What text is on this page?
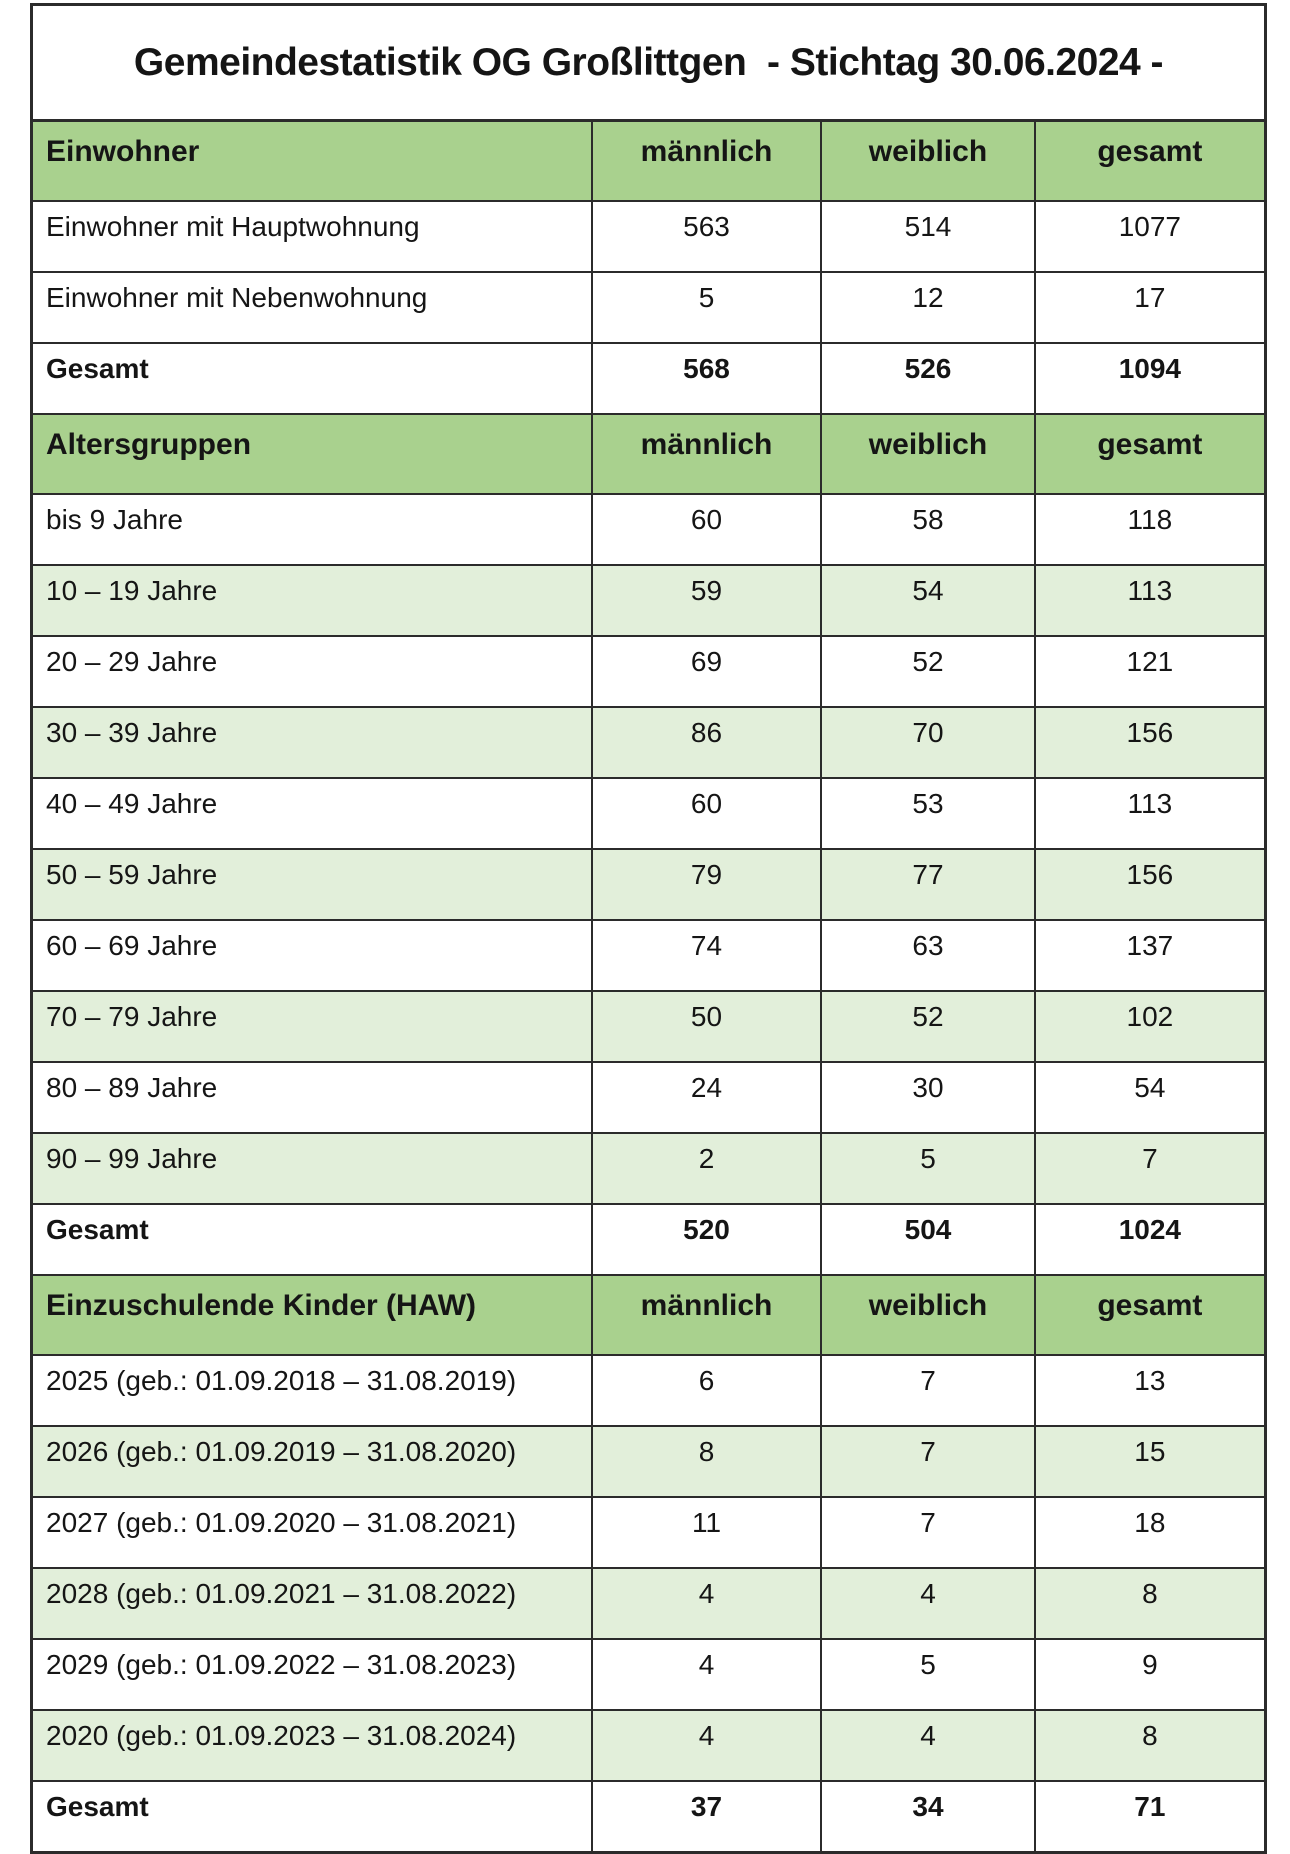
Gemeindestatistik OG Großlittgen  - Stichtag 30.06.2024 -
Einwohner	männlich	weiblich	gesamt
Einwohner mit Hauptwohnung	563	514	1077
Einwohner mit Nebenwohnung	5	12	17
Gesamt	568	526	1094
Altersgruppen	männlich	weiblich	gesamt
bis 9 Jahre	60	58	118
10 – 19 Jahre	59	54	113
20 – 29 Jahre	69	52	121
30 – 39 Jahre	86	70	156
40 – 49 Jahre	60	53	113
50 – 59 Jahre	79	77	156
60 – 69 Jahre	74	63	137
70 – 79 Jahre	50	52	102
80 – 89 Jahre	24	30	54
90 – 99 Jahre	2	5	7
Gesamt	520	504	1024
Einzuschulende Kinder (HAW)	männlich	weiblich	gesamt
2025 (geb.: 01.09.2018 – 31.08.2019)	6	7	13
2026 (geb.: 01.09.2019 – 31.08.2020)	8	7	15
2027 (geb.: 01.09.2020 – 31.08.2021)	11	7	18
2028 (geb.: 01.09.2021 – 31.08.2022)	4	4	8
2029 (geb.: 01.09.2022 – 31.08.2023)	4	5	9
2020 (geb.: 01.09.2023 – 31.08.2024)	4	4	8
Gesamt	37	34	71
